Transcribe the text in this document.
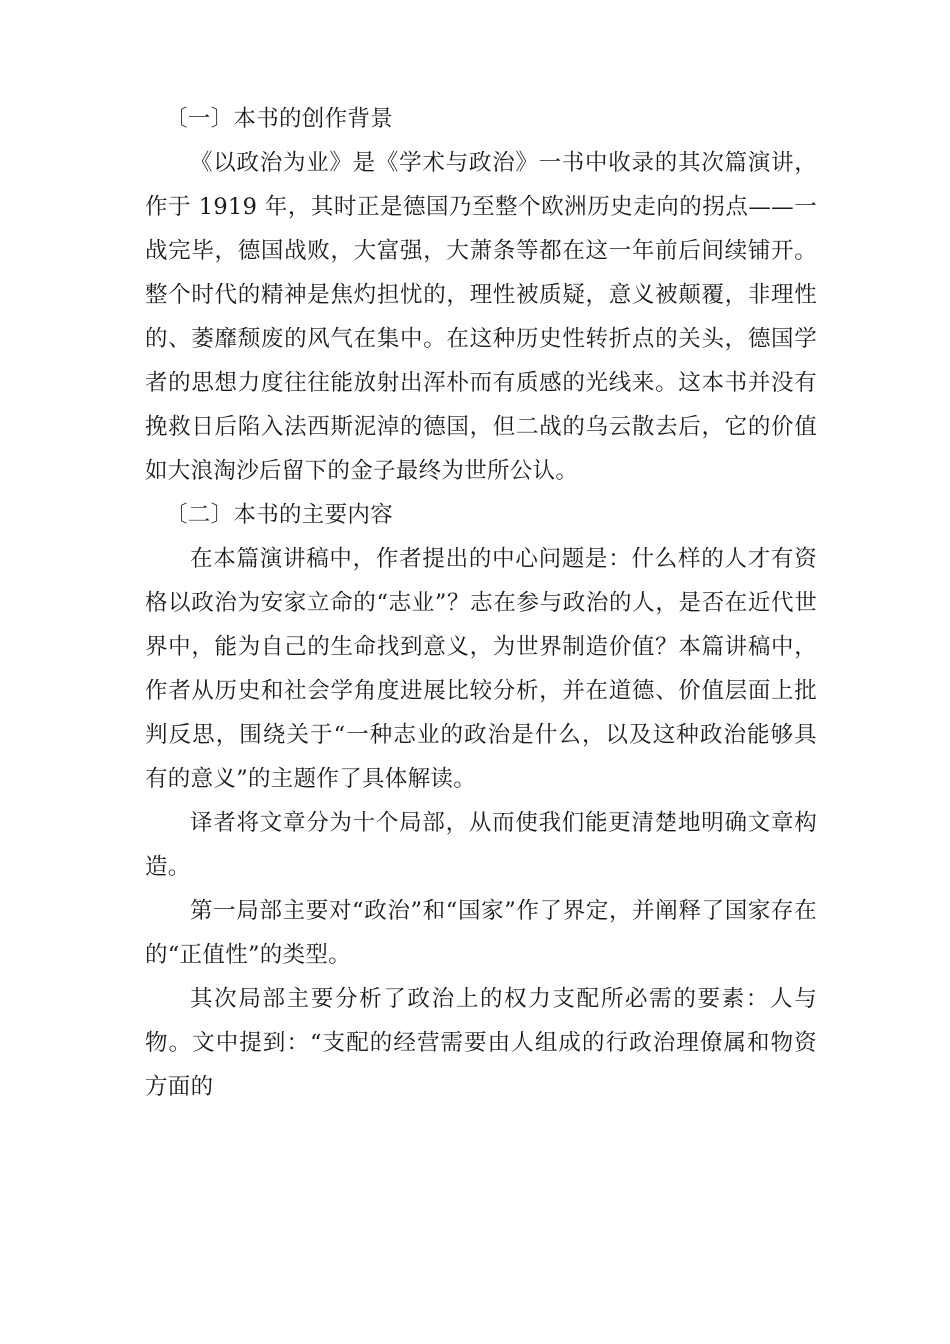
〔一〕本书的创作背景

《以政治为业》是《学术与政治》一书中收录的其次篇演讲，作于 1919 年，其时正是德国乃至整个欧洲历史走向的拐点——一战完毕，德国战败，大富强，大萧条等都在这一年前后间续铺开。整个时代的精神是焦灼担忧的，理性被质疑，意义被颠覆，非理性的、萎靡颓废的风气在集中。在这种历史性转折点的关头，德国学者的思想力度往往能放射出浑朴而有质感的光线来。这本书并没有挽救日后陷入法西斯泥淖的德国，但二战的乌云散去后，它的价值如大浪淘沙后留下的金子最终为世所公认。

〔二〕本书的主要内容

在本篇演讲稿中，作者提出的中心问题是：什么样的人才有资格以政治为安家立命的“志业”？志在参与政治的人，是否在近代世界中，能为自己的生命找到意义，为世界制造价值？本篇讲稿中，作者从历史和社会学角度进展比较分析，并在道德、价值层面上批判反思，围绕关于“一种志业的政治是什么，以及这种政治能够具有的意义”的主题作了具体解读。

译者将文章分为十个局部，从而使我们能更清楚地明确文章构造。

第一局部主要对“政治”和“国家”作了界定，并阐释了国家存在的“正值性”的类型。

其次局部主要分析了政治上的权力支配所必需的要素：人与物。文中提到：“支配的经营需要由人组成的行政治理僚属和物资方面的
